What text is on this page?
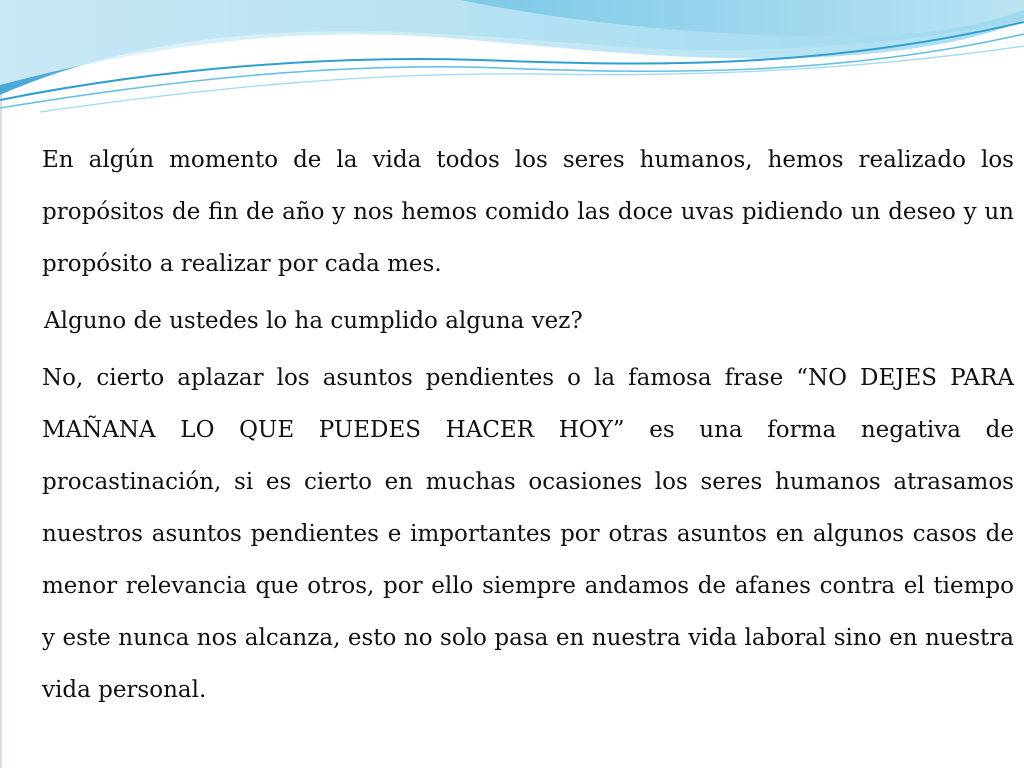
En algún momento de la vida todos los seres humanos, hemos realizado los propósitos de fin de año y nos hemos comido las doce uvas pidiendo un deseo y un propósito a realizar por cada mes.

Alguno de ustedes lo ha cumplido alguna vez?

No, cierto aplazar los asuntos pendientes o la famosa frase “NO DEJES PARA MAÑANA LO QUE PUEDES HACER HOY” es una forma negativa de procastinación, si es cierto en muchas ocasiones los seres humanos atrasamos nuestros asuntos pendientes e importantes por otras asuntos en algunos casos de menor relevancia que otros, por ello siempre andamos de afanes contra el tiempo y este nunca nos alcanza, esto no solo pasa en nuestra vida laboral sino en nuestra vida personal.
